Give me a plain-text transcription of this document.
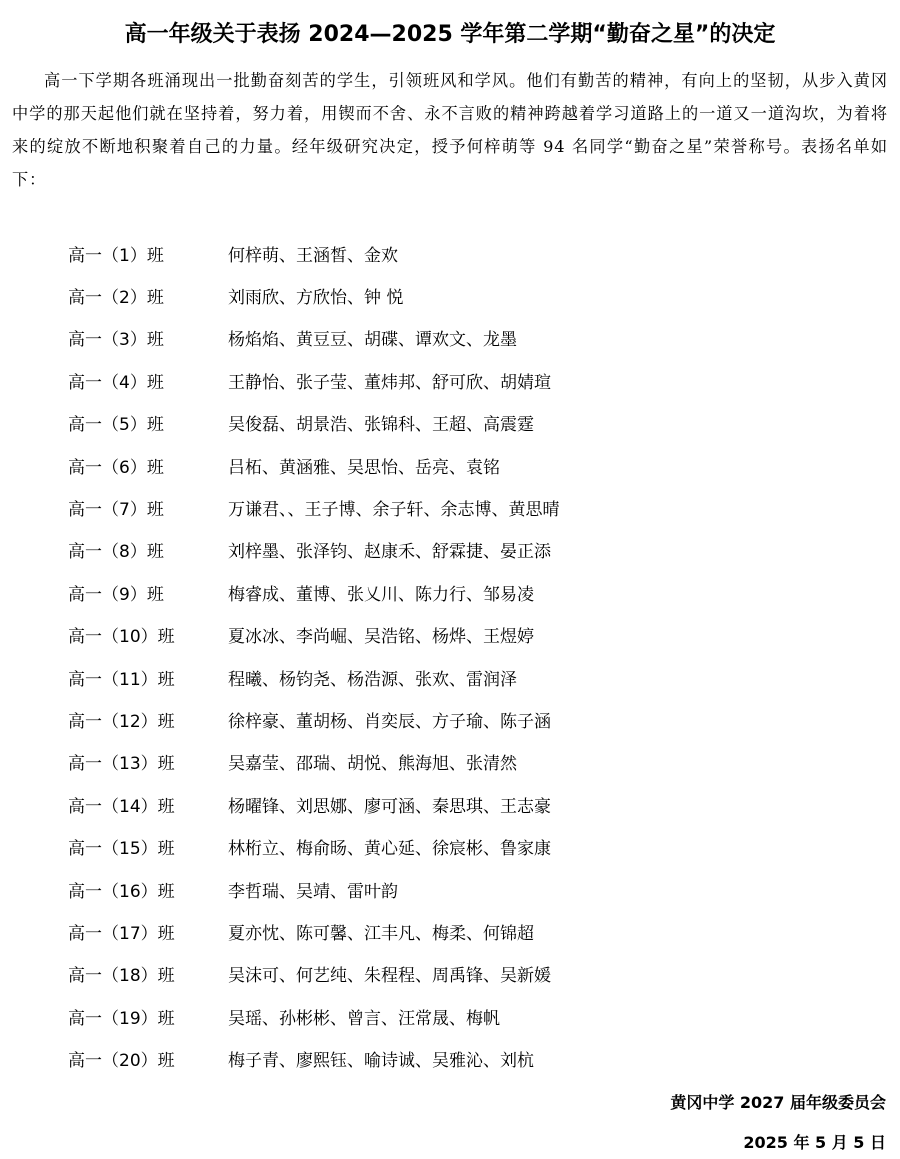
高一年级关于表扬 2024—2025 学年第二学期“勤奋之星”的决定
高一下学期各班涌现出一批勤奋刻苦的学生，引领班风和学风。他们有勤苦的精神，有向上的坚韧，从步入黄冈中学的那天起他们就在坚持着，努力着，用锲而不舍、永不言败的精神跨越着学习道路上的一道又一道沟坎，为着将来的绽放不断地积聚着自己的力量。经年级研究决定，授予何梓萌等 94 名同学“勤奋之星”荣誉称号。表扬名单如下：
高一（1）班	何梓萌、王涵皙、金欢
高一（2）班	刘雨欣、方欣怡、钟 悦
高一（3）班	杨焰焰、黄豆豆、胡碟、谭欢文、龙墨
高一（4）班	王静怡、张子莹、董炜邦、舒可欣、胡婧瑄
高一（5）班	吴俊磊、胡景浩、张锦科、王超、高震霆
高一（6）班	吕柘、黄涵雅、吴思怡、岳亮、袁铭
高一（7）班	万谦君、、王子博、余子轩、余志博、黄思晴
高一（8）班	刘梓墨、张泽钧、赵康禾、舒霖捷、晏正添
高一（9）班	梅睿成、董博、张乂川、陈力行、邹易凌
高一（10）班	夏冰冰、李尚崛、吴浩铭、杨烨、王煜婷
高一（11）班	程曦、杨钧尧、杨浩源、张欢、雷润泽
高一（12）班	徐梓豪、董胡杨、肖奕辰、方子瑜、陈子涵
高一（13）班	吴嘉莹、邵瑞、胡悦、熊海旭、张清然
高一（14）班	杨曜锋、刘思娜、廖可涵、秦思琪、王志豪
高一（15）班	林桁立、梅俞旸、黄心延、徐宸彬、鲁家康
高一（16）班	李哲瑞、吴靖、雷叶韵
高一（17）班	夏亦忱、陈可馨、江丰凡、梅柔、何锦超
高一（18）班	吴沫可、何艺纯、朱程程、周禹锋、吴新媛
高一（19）班	吴瑶、孙彬彬、曾言、汪常晟、梅帆
高一（20）班	梅子青、廖熙钰、喻诗诚、吴雅沁、刘杭
黄冈中学 2027 届年级委员会
2025 年 5 月 5 日
